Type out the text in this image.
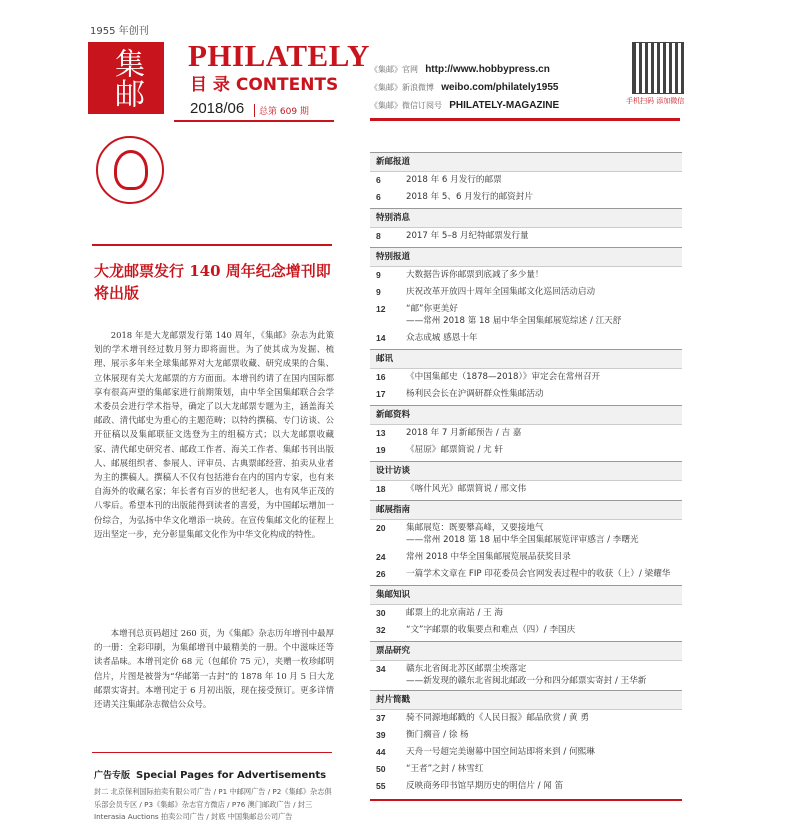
1955 年创刊
集邮	PHILATELY
目 录 CONTENTS
2018/06	总第 609 期
《集邮》官网 http://www.hobbypress.cn
《集邮》新浪微博 weibo.com/philately1955
《集邮》微信订阅号 PHILATELY-MAGAZINE	手机扫码 添加微信
大龙邮票发行 140 周年纪念增刊即将出版

2018 年是大龙邮票发行第 140 周年，《集邮》杂志为此策划的学术增刊经过数月努力即将面世。为了使其成为发掘、梳理、展示多年来全球集邮界对大龙邮票收藏、研究成果的合集、立体展现有关大龙邮票的方方面面。本增刊约请了在国内国际都享有很高声望的集邮家进行前期策划，由中华全国集邮联合会学术委员会进行学术指导，确定了以大龙邮票专题为主，涵盖海关邮政、清代邮史为重心的主题范畴；以特约撰稿、专门访谈、公开征稿以及集邮联征文选登为主的组稿方式；以大龙邮票收藏家、清代邮史研究者、邮政工作者、海关工作者、集邮书刊出版人、邮展组织者、参展人、评审员、古典票邮经营、拍卖从业者为主的撰稿人。撰稿人不仅有包括港台在内的国内专家，也有来自海外的收藏名家；年长者有百岁的世纪老人，也有风华正茂的八零后。希望本刊的出版能得到读者的喜爱，为中国邮坛增加一份综合，为弘扬中华文化增添一块砖。在宣传集邮文化的征程上迈出坚定一步，充分彰显集邮文化作为中华文化构成的特性。

本增刊总页码超过 260 页，为《集邮》杂志历年增刊中最厚的一册：全彩印刷，为集邮增刊中最精美的一册。个中滋味还等读者品味。本增刊定价 68 元（包邮价 75 元），夹赠一枚珍邮明信片，片图是被誉为“华邮第一古封”的 1878 年 10 月 5 日大龙邮票实寄封。本增刊定于 6 月初出版，现在接受预订。更多详情还请关注集邮杂志微信公众号。

广告专版 Special Pages for Advertisements
封二 北京保利国际拍卖有限公司广告 / P1 中邮网广告 / P2《集邮》杂志俱乐部会员专区 / P3《集邮》杂志官方微店 / P76 澳门邮政广告 / 封三 Interasia Auctions 拍卖公司广告 / 封底 中国集邮总公司广告
新邮报道
6	2018 年 6 月发行的邮票
6	2018 年 5、6 月发行的邮资封片
特别消息
8	2017 年 5–8 月纪特邮票发行量
特别报道
9	大数据告诉你邮票到底减了多少量！
9	庆祝改革开放四十周年全国集邮文化巡回活动启动
12	“邮”你更美好
——常州 2018 第 18 届中华全国集邮展览综述 / 江天舒
14	众志成城 感恩十年
邮讯
16	《中国集邮史（1878—2018）》审定会在常州召开
17	杨利民会长在沪调研群众性集邮活动
新邮资料
13	2018 年 7 月新邮预告 / 吉 嘉
19	《屈原》邮票简说 / 尤 轩
设计访谈
18	《喀什风光》邮票简说 / 邢文伟
邮展指南
20	集邮展览：既要攀高峰，又要接地气
——常州 2018 第 18 届中华全国集邮展览评审感言 / 李曙光
24	常州 2018 中华全国集邮展览展品获奖目录
26	一篇学术文章在 FIP 印花委员会官网发表过程中的收获（上）/ 梁耀华
集邮知识
30	邮票上的北京南站 / 王 海
32	“文”字邮票的收集要点和难点（四）/ 李国庆
票品研究
34	赣东北省闽北苏区邮票尘埃落定
——新发现的赣东北省闽北邮政一分和四分邮票实寄封 / 王华新
封片简戳
37	骑不同源地邮戳的《人民日报》邮品欣赏 / 黄 勇
39	衡门瘸音 / 徐 杨
44	天舟一号超完美谢幕中国空间站即将来到 / 何熙琳
50	“王者”之封 / 林雪红
55	反映商务印书馆早期历史的明信片 / 闻 笛
